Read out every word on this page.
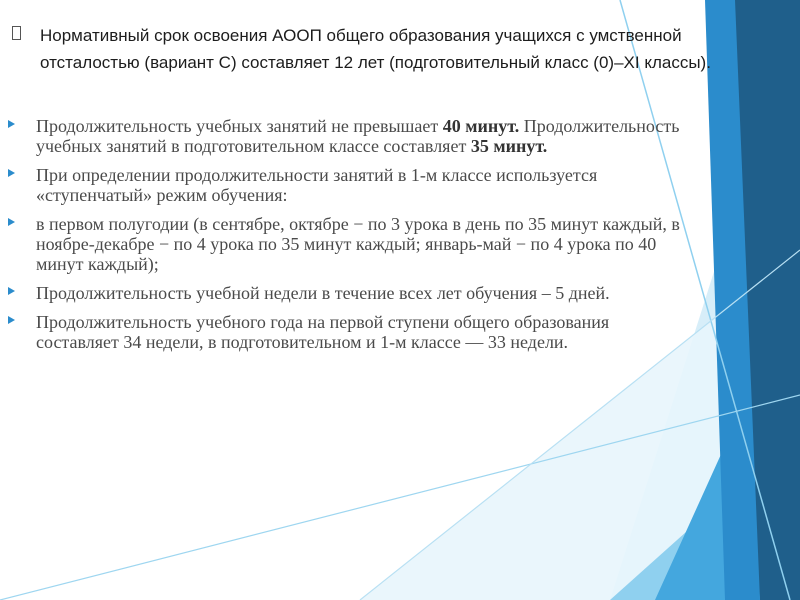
Нормативный срок освоения АООП общего образования учащихся с умственной отсталостью (вариант С) составляет 12 лет (подготовительный класс (0)–XI классы).
Продолжительность учебных занятий не превышает 40 минут. Продолжительность учебных занятий в подготовительном классе составляет 35 минут.
При определении продолжительности занятий в 1-м классе используется «ступенчатый» режим обучения:
в первом полугодии (в сентябре, октябре − по 3 урока в день по 35 минут каждый, в ноябре-декабре − по 4 урока по 35 минут каждый; январь-май − по 4 урока по 40 минут каждый);
Продолжительность учебной недели в течение всех лет обучения – 5 дней.
Продолжительность учебного года на первой ступени общего образования составляет 34 недели, в подготовительном и 1-м классе — 33 недели.
